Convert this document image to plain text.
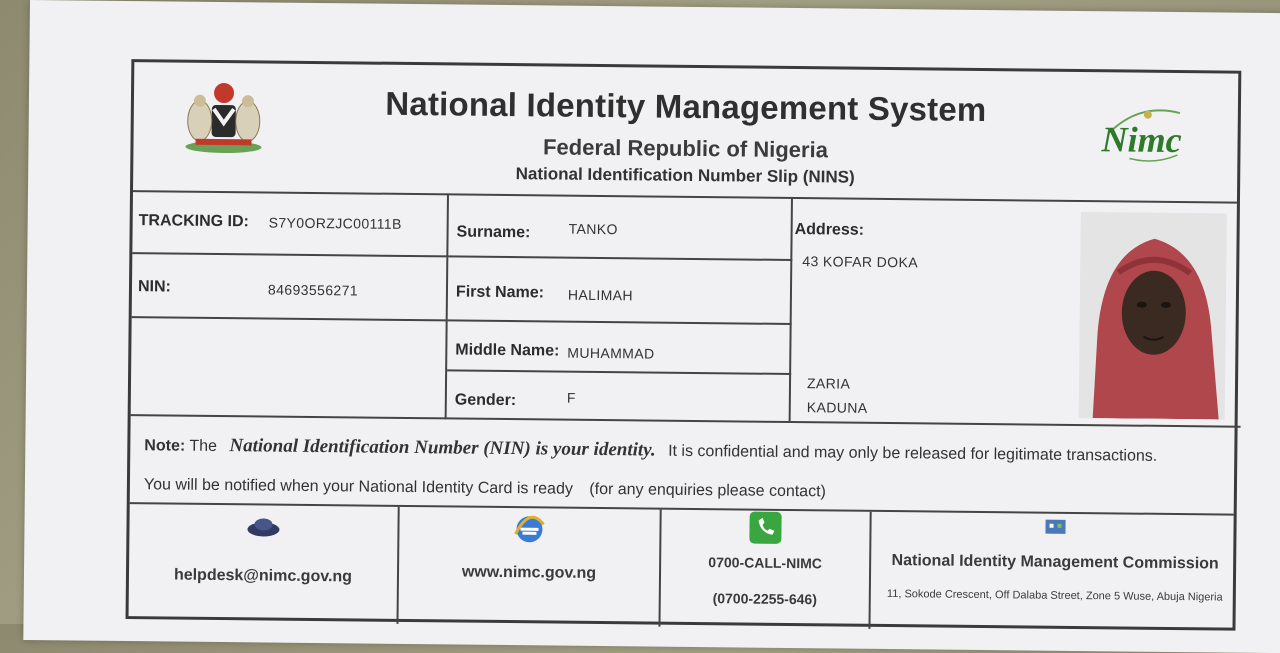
National Identity Management System
Federal Republic of Nigeria
National Identification Number Slip (NINS)
Nimc
TRACKING ID: S7Y0ORZJC00111B
NIN:	84693556271
Surname:	TANKO
First Name: HALIMAH
Middle Name: MUHAMMAD
Gender:	F
Address:
43 KOFAR DOKA
ZARIA
KADUNA
Note: The National Identification Number (NIN) is your identity. It is confidential and may only be released for legitimate transactions.
You will be notified when your National Identity Card is ready (for any enquiries please contact)
helpdesk@nimc.gov.ng	www.nimc.gov.ng
0700-CALL-NIMC
(0700-2255-646)
National Identity Management Commission
11, Sokode Crescent, Off Dalaba Street, Zone 5 Wuse, Abuja Nigeria
